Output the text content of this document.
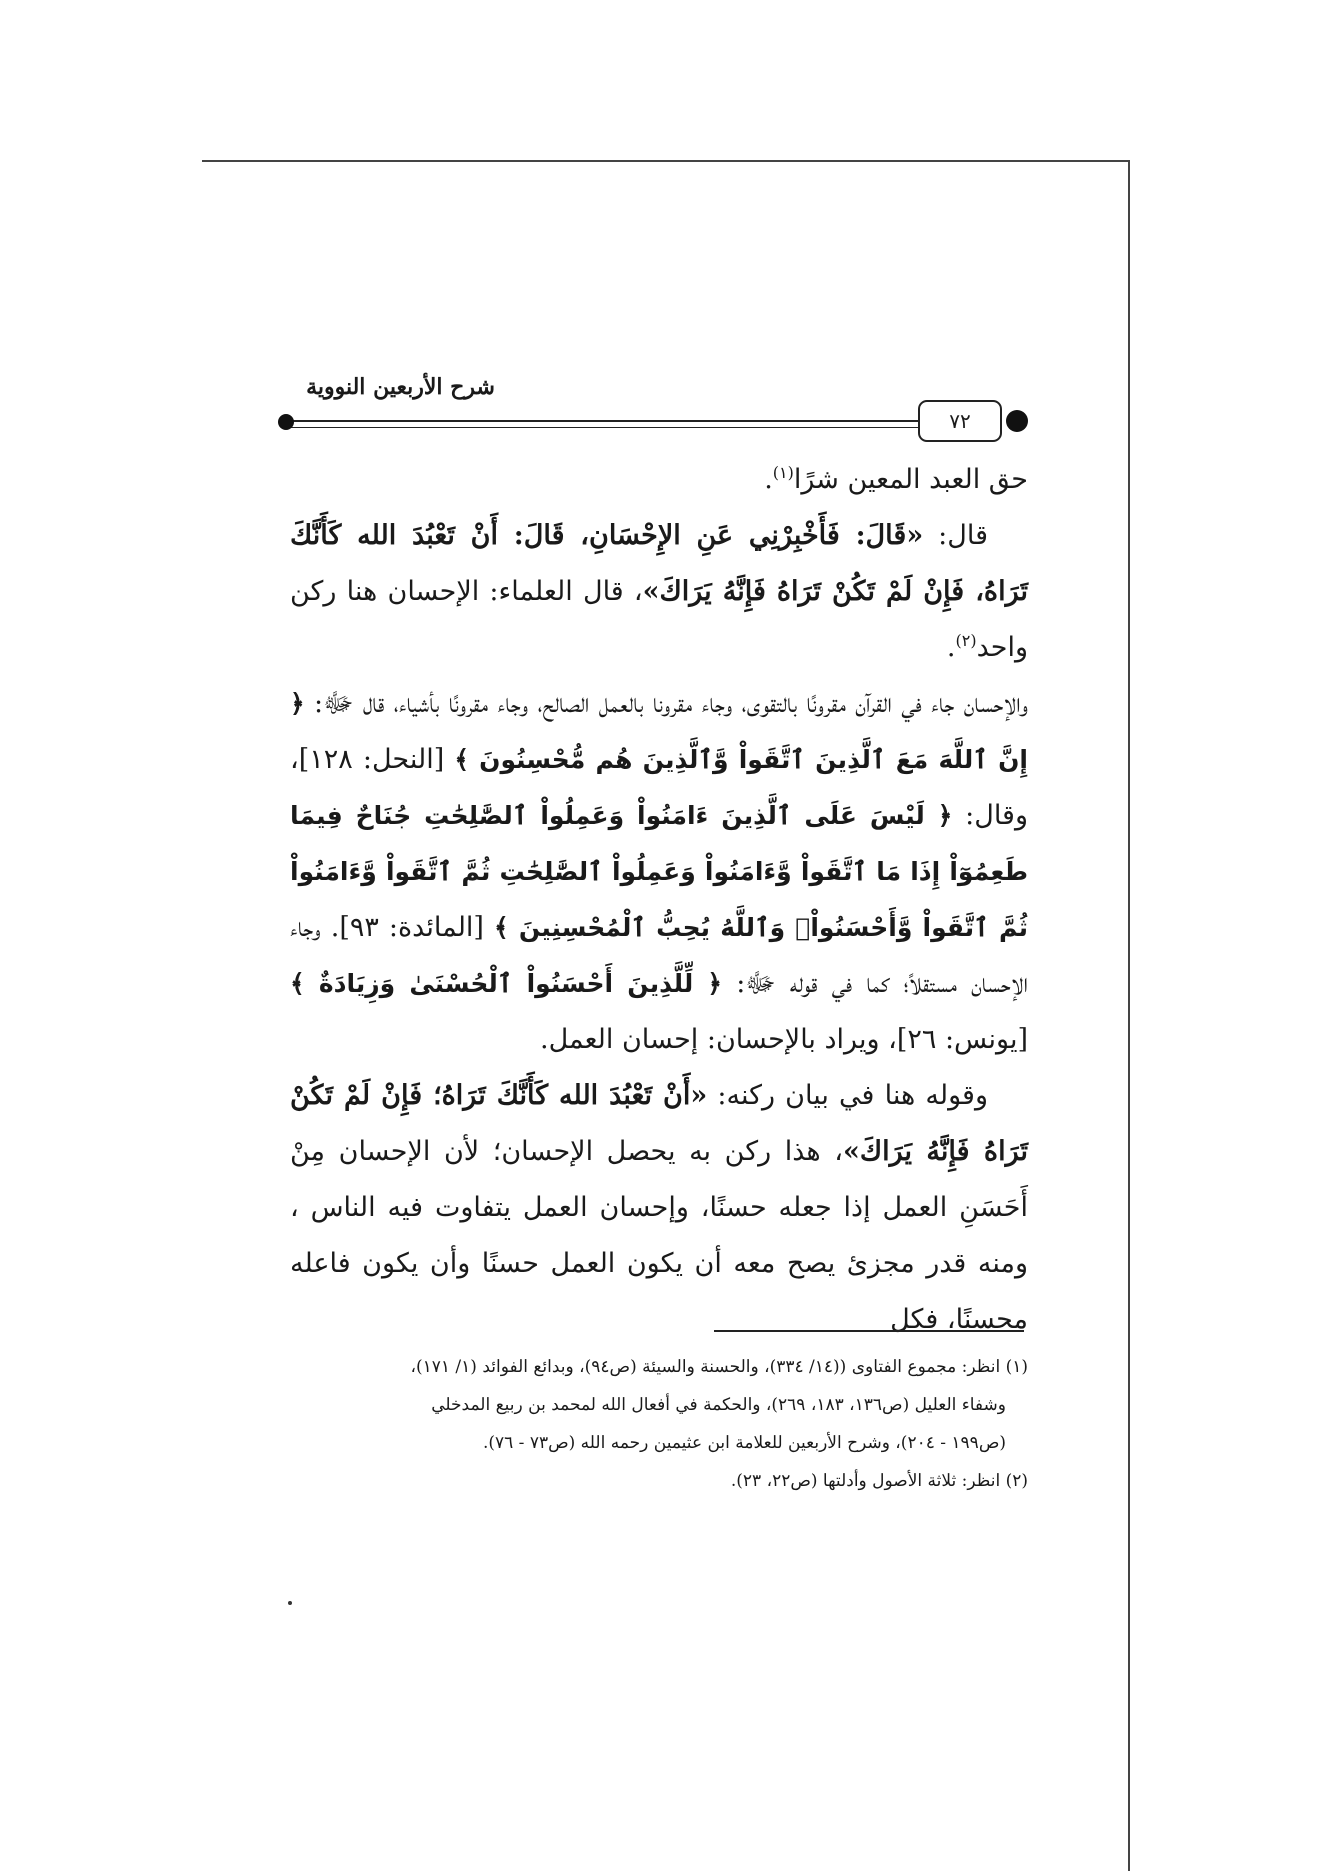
شرح الأربعين النووية
٧٢

حق العبد المعين شرًا$^{(١)}$.

قال: «قَالَ: فَأَخْبِرْنِي عَنِ الإِحْسَانِ، قَالَ: أَنْ تَعْبُدَ الله كَأَنَّكَ تَرَاهُ، فَإِنْ لَمْ تَكُنْ تَرَاهُ فَإِنَّهُ يَرَاكَ»، قال العلماء: الإحسان هنا ركن واحد$^{(٢)}$.

والإحسان جاء في القرآن مقرونًا بالتقوى، وجاء مقرونا بالعمل الصالح، وجاء مقرونًا بأشياء، قال ﷻ: ﴿ إِنَّ ٱللَّهَ مَعَ ٱلَّذِينَ ٱتَّقَواْ وَّٱلَّذِينَ هُم مُّحْسِنُونَ ﴾ [النحل: ١٢٨]، وقال: ﴿ لَيْسَ عَلَى ٱلَّذِينَ ءَامَنُواْ وَعَمِلُواْ ٱلصَّٰلِحَٰتِ جُنَاحٌ فِيمَا طَعِمُوٓاْ إِذَا مَا ٱتَّقَواْ وَّءَامَنُواْ وَعَمِلُواْ ٱلصَّٰلِحَٰتِ ثُمَّ ٱتَّقَواْ وَّءَامَنُواْ ثُمَّ ٱتَّقَواْ وَّأَحْسَنُواْۚ وَٱللَّهُ يُحِبُّ ٱلْمُحْسِنِينَ ﴾ [المائدة: ٩٣]. وجاء الإحسان مستقلاً؛ كما في قوله ﷻ: ﴿ لِّلَّذِينَ أَحْسَنُواْ ٱلْحُسْنَىٰ وَزِيَادَةٌ ﴾ [يونس: ٢٦]، ويراد بالإحسان: إحسان العمل.

وقوله هنا في بيان ركنه: «أَنْ تَعْبُدَ الله كَأَنَّكَ تَرَاهُ؛ فَإِنْ لَمْ تَكُنْ تَرَاهُ فَإِنَّهُ يَرَاكَ»، هذا ركن به يحصل الإحسان؛ لأن الإحسان مِنْ أَحَسَنِ العمل إذا جعله حسنًا، وإحسان العمل يتفاوت فيه الناس ، ومنه قدر مجزئ يصح معه أن يكون العمل حسنًا وأن يكون فاعله محسنًا، فكل

(١) انظر: مجموع الفتاوى ((١٤/ ٣٣٤)، والحسنة والسيئة (ص٩٤)، وبدائع الفوائد (١/ ١٧١)،

وشفاء العليل (ص١٣٦، ١٨٣، ٢٦٩)، والحكمة في أفعال الله لمحمد بن ربيع المدخلي

(ص١٩٩ - ٢٠٤)، وشرح الأربعين للعلامة ابن عثيمين رحمه الله (ص٧٣ - ٧٦).

(٢) انظر: ثلاثة الأصول وأدلتها (ص٢٢، ٢٣).
